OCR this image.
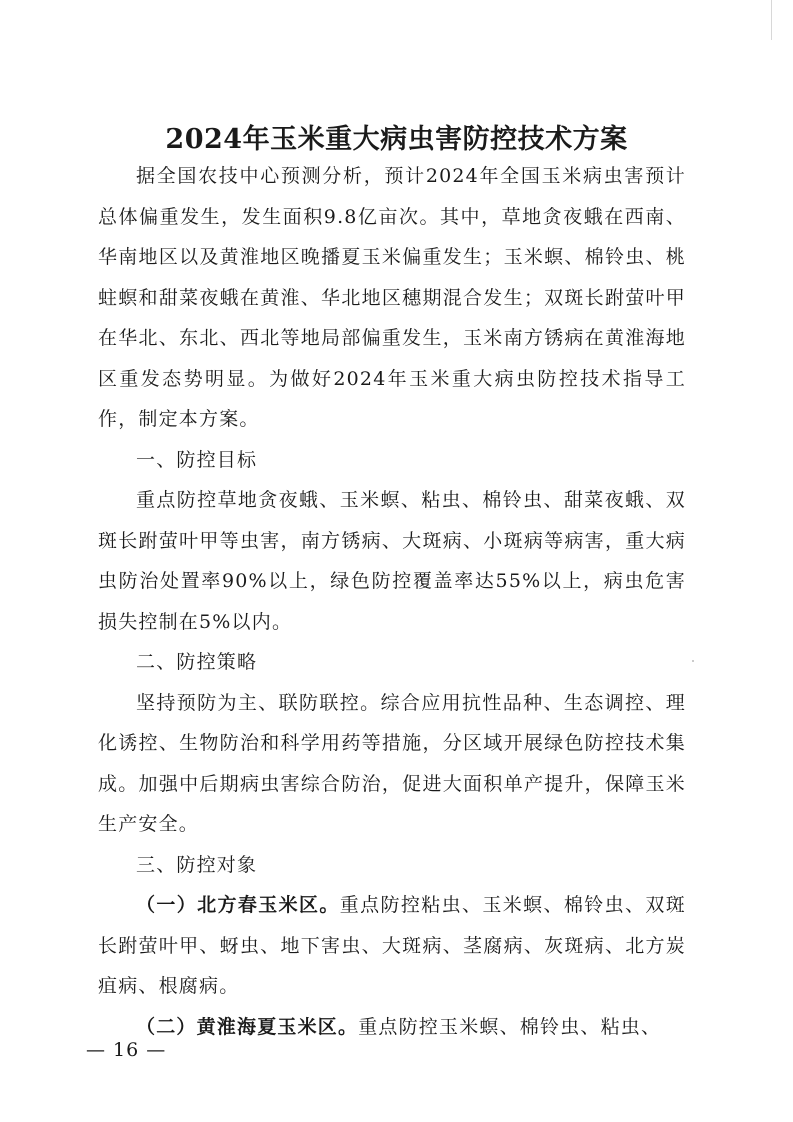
2024年玉米重大病虫害防控技术方案

据全国农技中心预测分析，预计2024年全国玉米病虫害预计总体偏重发生，发生面积9.8亿亩次。其中，草地贪夜蛾在西南、华南地区以及黄淮地区晚播夏玉米偏重发生；玉米螟、棉铃虫、桃蛀螟和甜菜夜蛾在黄淮、华北地区穗期混合发生；双斑长跗萤叶甲在华北、东北、西北等地局部偏重发生，玉米南方锈病在黄淮海地区重发态势明显。为做好2024年玉米重大病虫防控技术指导工作，制定本方案。

一、防控目标

重点防控草地贪夜蛾、玉米螟、粘虫、棉铃虫、甜菜夜蛾、双斑长跗萤叶甲等虫害，南方锈病、大斑病、小斑病等病害，重大病虫防治处置率90%以上，绿色防控覆盖率达55%以上，病虫危害损失控制在5%以内。

二、防控策略

坚持预防为主、联防联控。综合应用抗性品种、生态调控、理化诱控、生物防治和科学用药等措施，分区域开展绿色防控技术集成。加强中后期病虫害综合防治，促进大面积单产提升，保障玉米生产安全。

三、防控对象

（一）北方春玉米区。重点防控粘虫、玉米螟、棉铃虫、双斑长跗萤叶甲、蚜虫、地下害虫、大斑病、茎腐病、灰斑病、北方炭疽病、根腐病。

（二）黄淮海夏玉米区。重点防控玉米螟、棉铃虫、粘虫、

— 16 —
